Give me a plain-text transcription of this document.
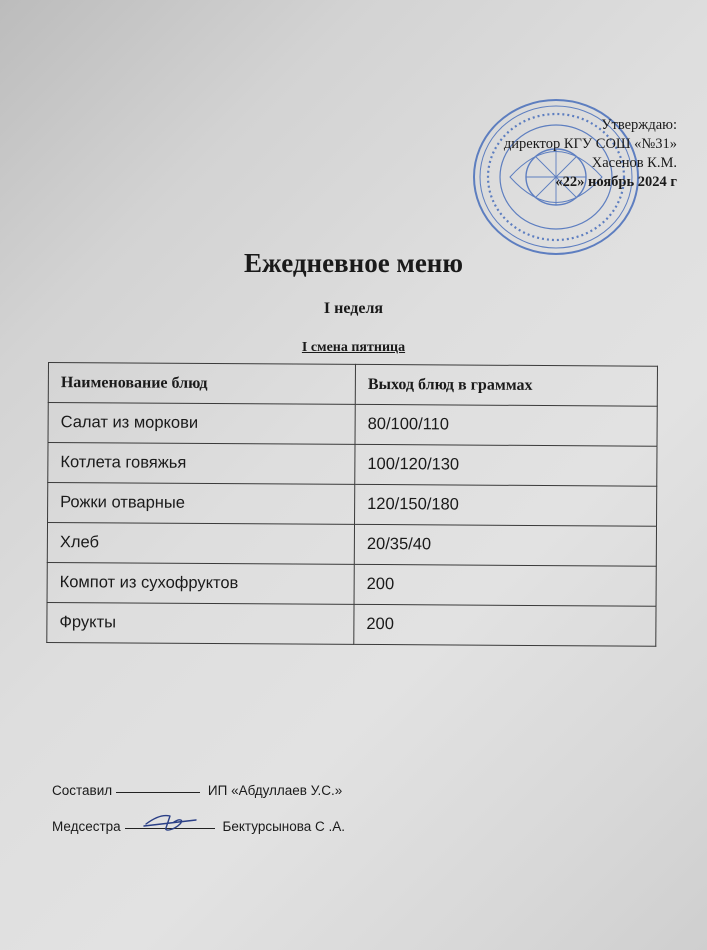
Утверждаю:
директор КГУ СОШ «№31»
Хасенов К.М.
«22» ноябрь 2024 г
Ежедневное меню
I неделя
I смена пятница
Наименование блюд	Выход блюд в граммах
Салат из моркови	80/100/110
Котлета говяжья	100/120/130
Рожки отварные	120/150/180
Хлеб	20/35/40
Компот из сухофруктов	200
Фрукты	200
Составил	ИП «Абдуллаев У.С.»
Медсестра	Бектурсынова С .А.
